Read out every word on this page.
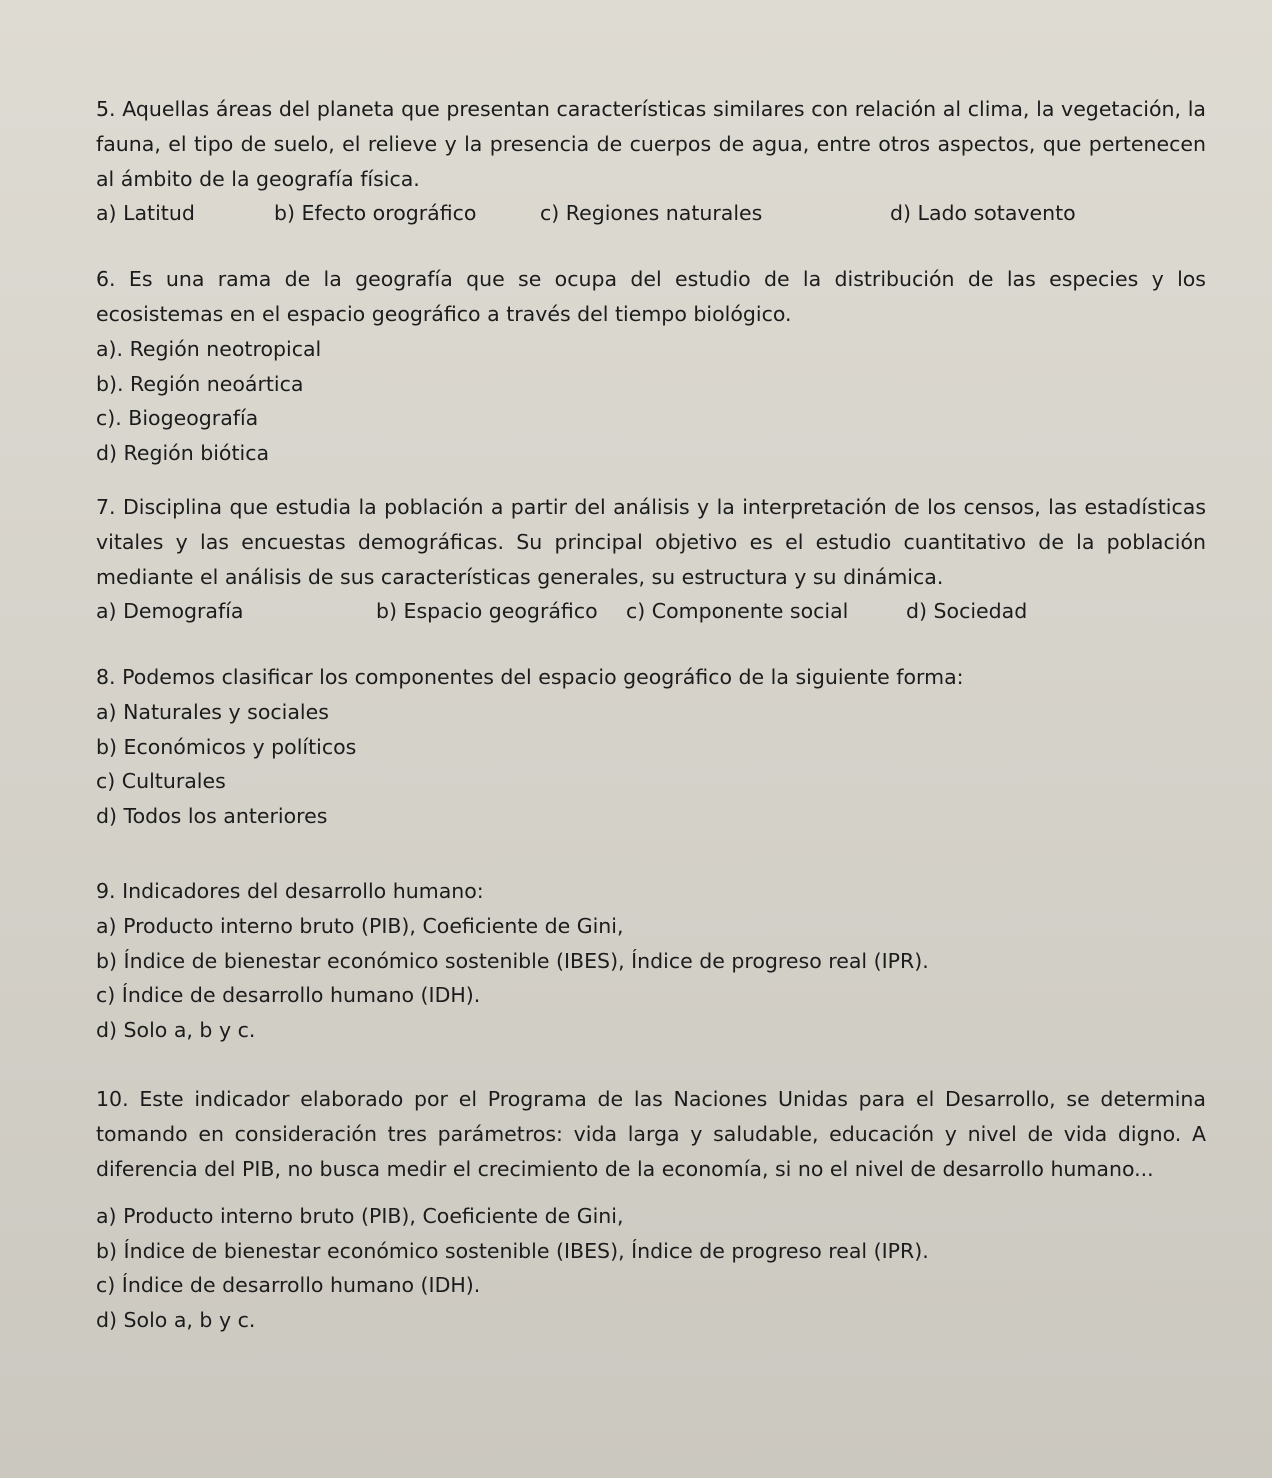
5. Aquellas áreas del planeta que presentan características similares con relación al clima, la vegetación, la fauna, el tipo de suelo, el relieve y la presencia de cuerpos de agua, entre otros aspectos, que pertenecen al ámbito de la geografía física.

a) Latitud	b) Efecto orográfico	c) Regiones naturales	d) Lado sotavento

6. Es una rama de la geografía que se ocupa del estudio de la distribución de las especies y los ecosistemas en el espacio geográfico a través del tiempo biológico.

a). Región neotropical
b). Región neoártica
c). Biogeografía
d) Región biótica

7. Disciplina que estudia la población a partir del análisis y la interpretación de los censos, las estadísticas vitales y las encuestas demográficas. Su principal objetivo es el estudio cuantitativo de la población mediante el análisis de sus características generales, su estructura y su dinámica.

a) Demografía	b) Espacio geográfico c) Componente social	d) Sociedad

8. Podemos clasificar los componentes del espacio geográfico de la siguiente forma:

a) Naturales y sociales
b) Económicos y políticos
c) Culturales
d) Todos los anteriores

9. Indicadores del desarrollo humano:

a) Producto interno bruto (PIB), Coeficiente de Gini,
b) Índice de bienestar económico sostenible (IBES), Índice de progreso real (IPR).
c) Índice de desarrollo humano (IDH).
d) Solo a, b y c.

10. Este indicador elaborado por el Programa de las Naciones Unidas para el Desarrollo, se determina tomando en consideración tres parámetros: vida larga y saludable, educación y nivel de vida digno. A diferencia del PIB, no busca medir el crecimiento de la economía, si no el nivel de desarrollo humano...

a) Producto interno bruto (PIB), Coeficiente de Gini,
b) Índice de bienestar económico sostenible (IBES), Índice de progreso real (IPR).
c) Índice de desarrollo humano (IDH).
d) Solo a, b y c.
